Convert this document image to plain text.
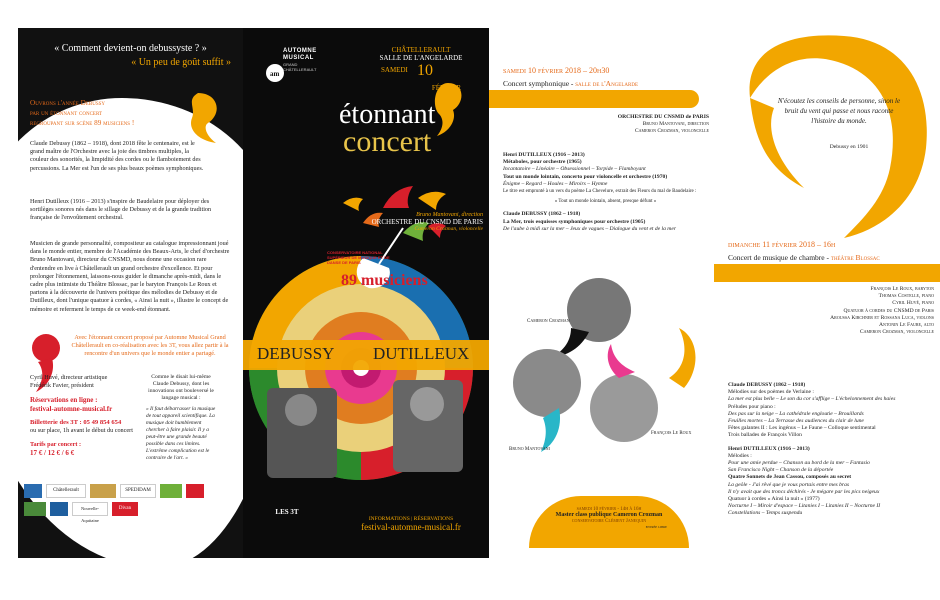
« Comment devient-on debussyste ? »
« Un peu de goût suffit »
Ouvrons l'année Debussy
par un étonnant concert
regroupant sur scène 89 musiciens !
Claude Debussy (1862 – 1918), dont 2018 fête le centenaire, est le grand maître de l'Orchestre avec la joie des timbres multiples, la couleur des sonorités, la limpidité des cordes ou le flamboiement des percussions. La Mer est l'un de ses plus beaux poèmes symphoniques.
Henri Dutilleux (1916 – 2013) s'inspire de Baudelaire pour déployer des sortilèges sonores nés dans le sillage de Debussy et de la grande tradition française de l'envoûtement orchestral.
Musicien de grande personnalité, compositeur au catalogue impressionnant joué dans le monde entier, membre de l'Académie des Beaux-Arts, le chef d'orchestre Bruno Mantovani, directeur du CNSMD, nous donne une occasion rare d'entendre en live à Châtellerault un grand orchestre d'excellence. Et pour prolonger l'étonnement, laissons-nous guider le dimanche après-midi, dans le cadre plus intimiste du Théâtre Blossac, par le baryton François Le Roux et partons à la découverte de l'univers poétique des mélodies de Debussy et de Dutilleux, dont l'unique quatuor à cordes, « Ainsi la nuit », illustre le concept de mémoire et referment le temps de ce week-end étonnant.
Avec l'étonnant concert proposé par Automne Musical Grand Châtellerault en co-réalisation avec les 3T, vous allez partir à la rencontre d'un univers que le monde entier a partagé.
Cyril Huvé, directeur artistique
Frédérik Favier, président
Réservations en ligne :
festival-automne-musical.fr
Billetterie des 3T : 05 49 854 654
ou sur place, 1h avant le début du concert
Tarifs par concert :
17 € / 12 € / 6 €
Comme le disait lui-même Claude Debussy, dont les innovations ont bouleversé le langage musical :
« Il faut débarrasser la musique de tout appareil scientifique. La musique doit humblement chercher à faire plaisir. Il y a peut-être une grande beauté possible dans ces limites. L'extrême complication est le contraire de l'art. »
Châtellerault	SPEDIDAM
Nouvelle-Aquitaine
Divan
am
AUTOMNE
MUSICAL
GRAND
CHÂTELLERAULT
CHÂTELLERAULT
SALLE DE L'ANGELARDE
SAMEDI 10
FÉVRIER
20h30
étonnant
concert
Bruno Mantovani, direction
ORCHESTRE DU CNSMD DE PARIS
Cameron Crozman, violoncelle
CONSERVATOIRE NATIONAL SUPÉRIEUR DE MUSIQUE ET DE DANSE DE PARIS
89 musiciens
DEBUSSY DUTILLEUX
LES 3T
INFORMATIONS | RÉSERVATIONS
festival-automne-musical.fr
samedi 10 février 2018 – 20h30
Concert symphonique - salle de l'Angelarde
ORCHESTRE DU CNSMD de PARIS
Bruno Mantovani, direction
Cameron Crozman, violoncelle
Henri DUTILLEUX (1916 – 2013)
Métaboles, pour orchestre (1965)
Incantatoire – Linéaire – Obsessionnel – Torpide – Flamboyant
Tout un monde lointain, concerto pour violoncelle et orchestre (1970)
Énigme – Regard – Houles – Miroirs – Hymne
Le titre est emprunté à un vers du poème La Chevelure, extrait des Fleurs du mal de Baudelaire :
« Tout un monde lointain, absent, presque défunt »
Claude DEBUSSY (1862 – 1918)
La Mer, trois esquisses symphoniques pour orchestre (1905)
De l'aube à midi sur la mer – Jeux de vagues – Dialogue du vent et de la mer
Cameron Crozman
Bruno Mantovani
François Le Roux
samedi 10 février - 14h à 16h
Master class publique Cameron Crozman
conservatoire Clément Janequin
entrée libre
N'écoutez les conseils de personne, sinon le bruit du vent qui passe et nous raconte l'histoire du monde.
Debussy en 1901
dimanche 11 février 2018 – 16h
Concert de musique de chambre - théâtre Blossac
François Le Roux, baryton
Thomas Costelle, piano
Cyril Huvé, piano
Quatuor à cordes du CNSMD de Paris
Aroussa Kirchner et Rossana Luca, violons
Antonin Le Faure, alto
Cameron Crozman, violoncelle
Claude DEBUSSY (1862 – 1918)
Mélodies sur des poèmes de Verlaine :
La mer est plus belle – Le son du cor s'afflige – L'échelonnement des haies
Préludes pour piano :
Des pas sur la neige – La cathédrale engloutie – Brouillards
Feuilles mortes – La Terrasse des audiences du clair de lune
Fêtes galantes II : Les ingénus – Le Faune – Colloque sentimental
Trois ballades de François Villon
Henri DUTILLEUX (1916 – 2013)
Mélodies :
Pour une amie perdue – Chanson au bord de la mer – Fantasio
San Francisco Night – Chanson de la déportée
Quatre Sonnets de Jean Cassou, composés au secret
La geôle - J'ai rêvé que je vous portais entre mes bras
Il n'y avait que des troncs déchirés - Je mégare par les pics neigeux
Quatuor à cordes « Ainsi la nuit » (1977)
Nocturne I – Miroir d'espace – Litanies I – Litanies II – Nocturne II
Constellations – Temps suspendu
